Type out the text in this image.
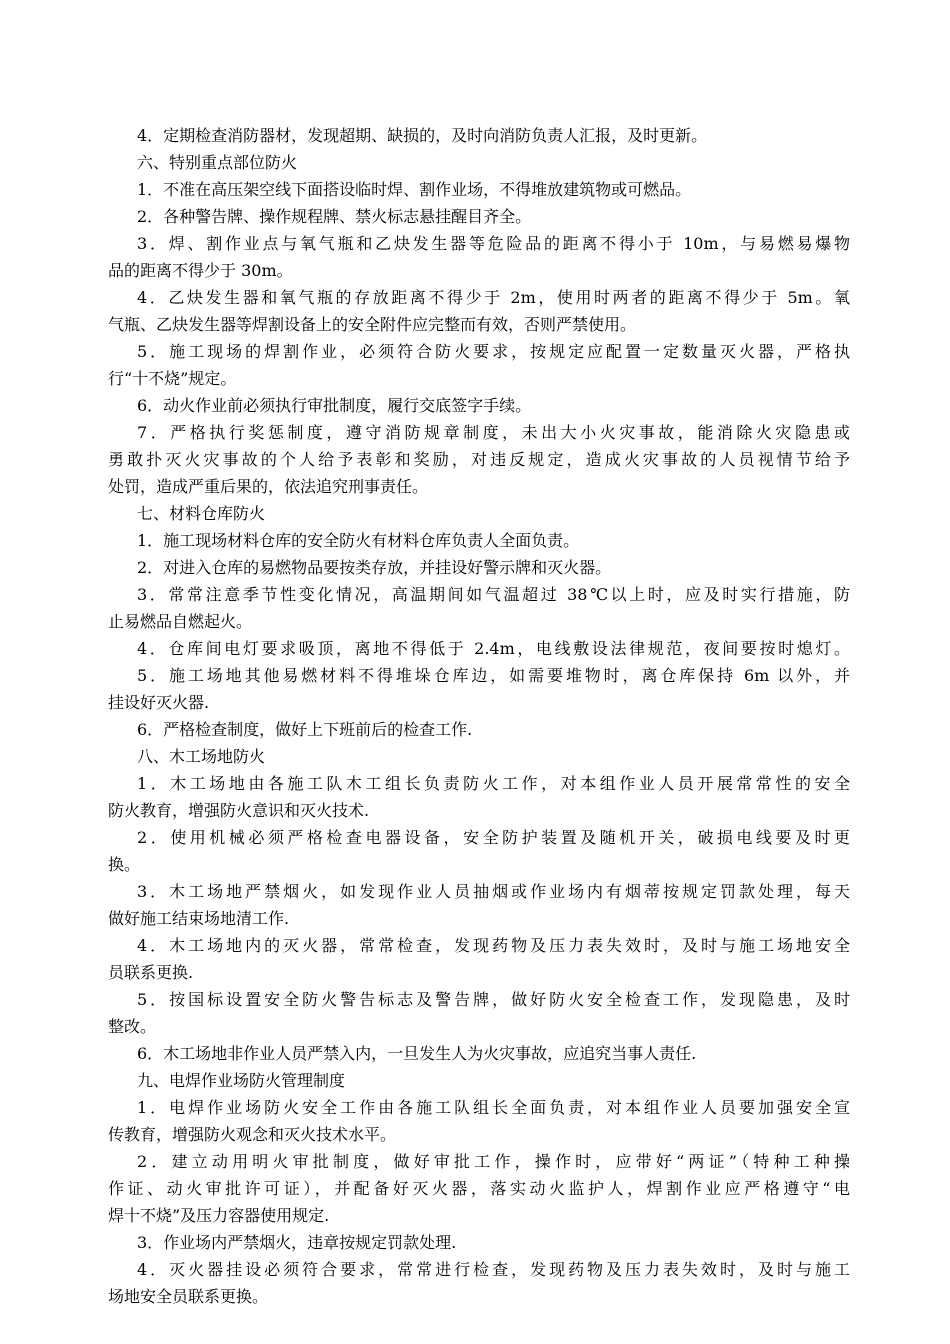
4．定期检查消防器材，发现超期、缺损的，及时向消防负责人汇报，及时更新。
六、特别重点部位防火
1．不准在高压架空线下面搭设临时焊、割作业场，不得堆放建筑物或可燃品。
2．各种警告牌、操作规程牌、禁火标志悬挂醒目齐全。
3．焊、割作业点与氧气瓶和乙炔发生器等危险品的距离不得小于 10m，与易燃易爆物
品的距离不得少于 30m。
4．乙炔发生器和氧气瓶的存放距离不得少于 2m，使用时两者的距离不得少于 5m。氧
气瓶、乙炔发生器等焊割设备上的安全附件应完整而有效，否则严禁使用。
5．施工现场的焊割作业，必须符合防火要求，按规定应配置一定数量灭火器，严格执
行“十不烧”规定。
6．动火作业前必须执行审批制度，履行交底签字手续。
7．严格执行奖惩制度，遵守消防规章制度，未出大小火灾事故，能消除火灾隐患或
勇敢扑灭火灾事故的个人给予表彰和奖励，对违反规定，造成火灾事故的人员视情节给予
处罚，造成严重后果的，依法追究刑事责任。
七、材料仓库防火
1．施工现场材料仓库的安全防火有材料仓库负责人全面负责。
2．对进入仓库的易燃物品要按类存放，并挂设好警示牌和灭火器。
3．常常注意季节性变化情况，高温期间如气温超过 38℃以上时，应及时实行措施，防
止易燃品自燃起火。
4．仓库间电灯要求吸顶，离地不得低于 2.4m，电线敷设法律规范，夜间要按时熄灯。
5．施工场地其他易燃材料不得堆垛仓库边，如需要堆物时，离仓库保持 6m 以外，并
挂设好灭火器.
6．严格检查制度，做好上下班前后的检查工作.
八、木工场地防火
1．木工场地由各施工队木工组长负责防火工作，对本组作业人员开展常常性的安全
防火教育，增强防火意识和灭火技术.
2．使用机械必须严格检查电器设备，安全防护装置及随机开关，破损电线要及时更
换。
3．木工场地严禁烟火，如发现作业人员抽烟或作业场内有烟蒂按规定罚款处理，每天
做好施工结束场地清工作.
4．木工场地内的灭火器，常常检查，发现药物及压力表失效时，及时与施工场地安全
员联系更换.
5．按国标设置安全防火警告标志及警告牌，做好防火安全检查工作，发现隐患，及时
整改。
6．木工场地非作业人员严禁入内，一旦发生人为火灾事故，应追究当事人责任.
九、电焊作业场防火管理制度
1．电焊作业场防火安全工作由各施工队组长全面负责，对本组作业人员要加强安全宣
传教育，增强防火观念和灭火技术水平。
2．建立动用明火审批制度，做好审批工作，操作时，应带好“两证”（特种工种操
作证、动火审批许可证），并配备好灭火器，落实动火监护人，焊割作业应严格遵守“电
焊十不烧”及压力容器使用规定.
3．作业场内严禁烟火，违章按规定罚款处理.
4．灭火器挂设必须符合要求，常常进行检查，发现药物及压力表失效时，及时与施工
场地安全员联系更换。
